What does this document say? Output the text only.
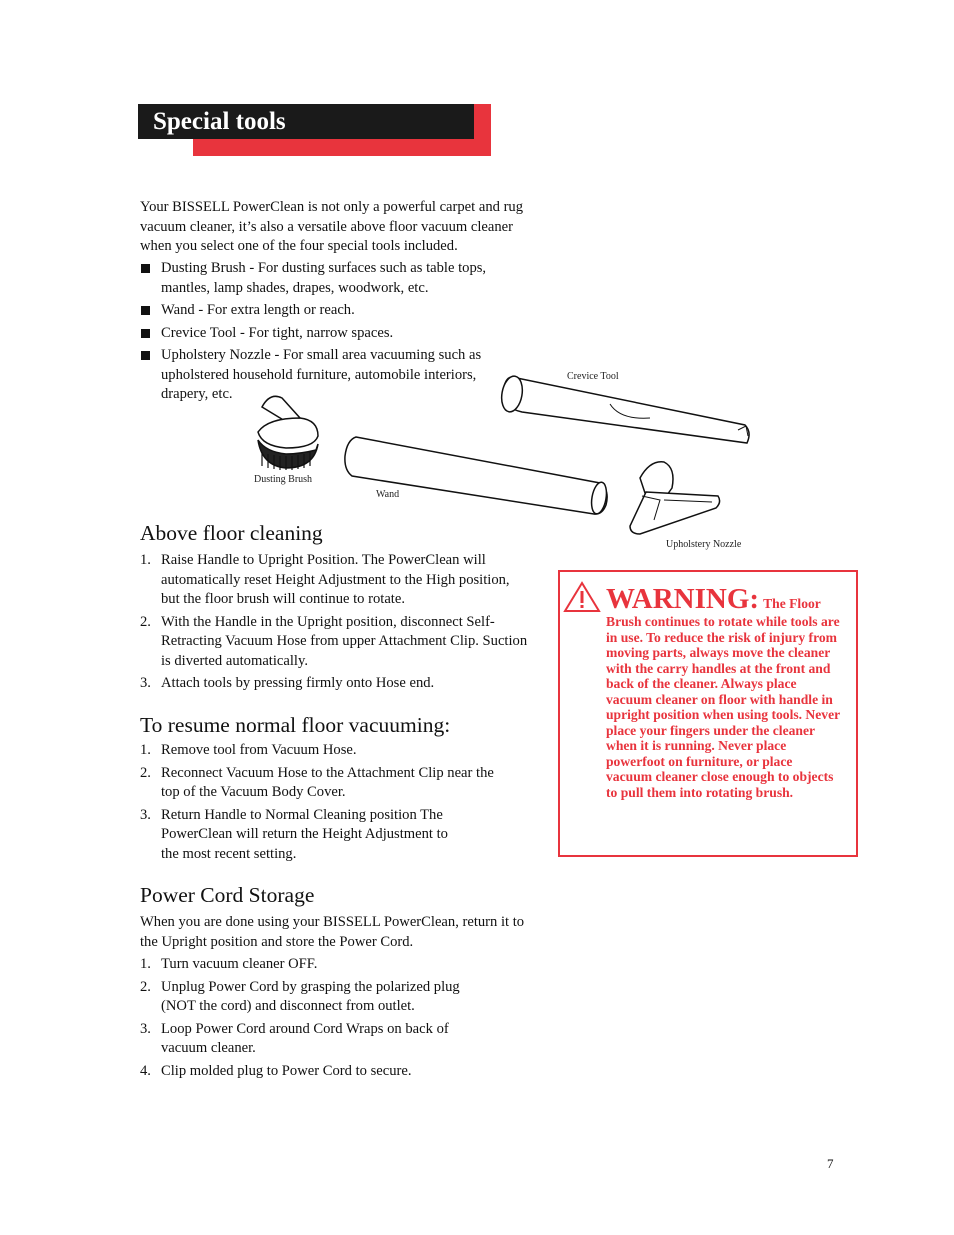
Special tools
Your BISSELL PowerClean is not only a powerful carpet and rug vacuum cleaner, it’s also a versatile above floor vacuum cleaner when you select one of the four special tools included.
Dusting Brush - For dusting surfaces such as table tops, mantles, lamp shades, drapes, woodwork, etc.
Wand - For extra length or reach.
Crevice Tool - For tight, narrow spaces.
Upholstery Nozzle - For small area vacuuming such as upholstered household furniture, automobile interiors, drapery, etc.
Crevice Tool
Dusting Brush
Wand
Upholstery Nozzle
Above floor cleaning
1. Raise Handle to Upright Position. The PowerClean will automatically reset Height Adjustment to the High position, but the floor brush will continue to rotate.
2. With the Handle in the Upright position, disconnect Self-Retracting Vacuum Hose from upper Attachment Clip. Suction is diverted automatically.
3. Attach tools by pressing firmly onto Hose end.
To resume normal floor vacuuming:
1. Remove tool from Vacuum Hose.
2. Reconnect Vacuum Hose to the Attachment Clip near the top of the Vacuum Body Cover.
3. Return Handle to Normal Cleaning position The PowerClean will return the Height Adjustment to the most recent setting.
Power Cord Storage
When you are done using your BISSELL PowerClean, return it to the Upright position and store the Power Cord.
1. Turn vacuum cleaner OFF.
2. Unplug Power Cord by grasping the polarized plug (NOT the cord) and disconnect from outlet.
3. Loop Power Cord around Cord Wraps on back of vacuum cleaner.
4. Clip molded plug to Power Cord to secure.
WARNING: The Floor Brush continues to rotate while tools are in use. To reduce the risk of injury from moving parts, always move the cleaner with the carry handles at the front and back of the cleaner. Always place vacuum cleaner on floor with handle in upright position when using tools. Never place your fingers under the cleaner when it is running. Never place powerfoot on furniture, or place vacuum cleaner close enough to objects to pull them into rotating brush.
7
